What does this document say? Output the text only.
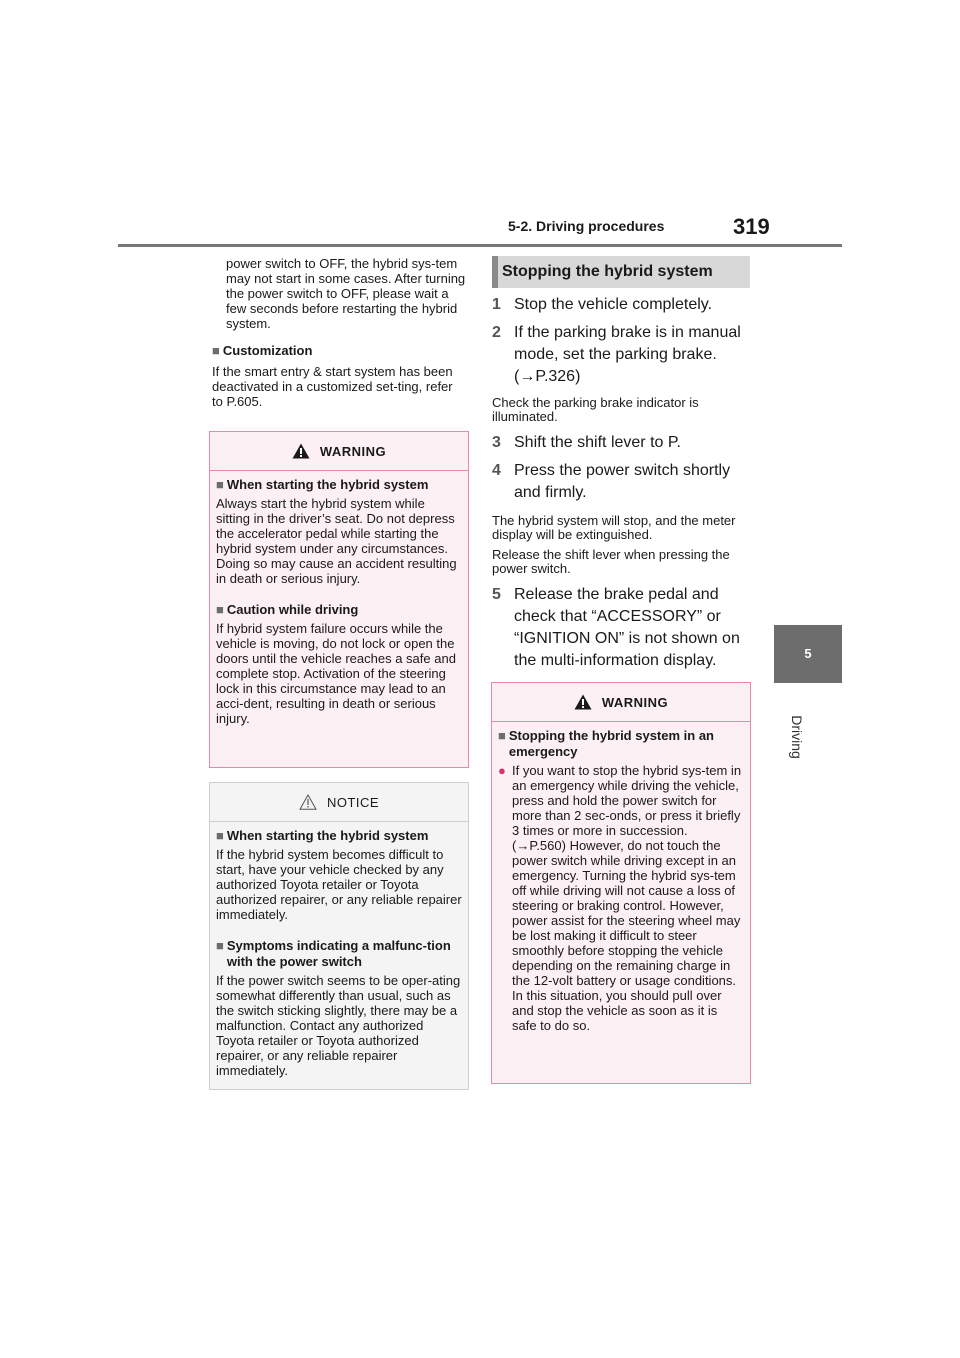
5-2. Driving procedures	319
5
Driving

power switch to OFF, the hybrid sys-tem may not start in some cases. After turning the power switch to OFF, please wait a few seconds before restarting the hybrid system.

■ Customization

If the smart entry & start system has been deactivated in a customized set-ting, refer to P.605.

WARNING

■ When starting the hybrid system

Always start the hybrid system while sitting in the driver’s seat. Do not depress the accelerator pedal while starting the hybrid system under any circumstances. Doing so may cause an accident resulting in death or serious injury.

■ Caution while driving

If hybrid system failure occurs while the vehicle is moving, do not lock or open the doors until the vehicle reaches a safe and complete stop. Activation of the steering lock in this circumstance may lead to an acci-dent, resulting in death or serious injury.

NOTICE

■ When starting the hybrid system

If the hybrid system becomes difficult to start, have your vehicle checked by any authorized Toyota retailer or Toyota authorized repairer, or any reliable repairer immediately.

■ Symptoms indicating a malfunc-tion with the power switch

If the power switch seems to be oper-ating somewhat differently than usual, such as the switch sticking slightly, there may be a malfunction. Contact any authorized Toyota retailer or Toyota authorized repairer, or any reliable repairer immediately.

Stopping the hybrid system
1 Stop the vehicle completely.
2 If the parking brake is in manual mode, set the parking brake. (→P.326)

Check the parking brake indicator is illuminated.

3 Shift the shift lever to P.
4 Press the power switch shortly and firmly.

The hybrid system will stop, and the meter display will be extinguished.

Release the shift lever when pressing the power switch.

5 Release the brake pedal and check that “ACCESSORY” or “IGNITION ON” is not shown on the multi-information display.
WARNING

■ Stopping the hybrid system in an emergency

● If you want to stop the hybrid sys-tem in an emergency while driving the vehicle, press and hold the power switch for more than 2 sec-onds, or press it briefly 3 times or more in succession. (→P.560) However, do not touch the power switch while driving except in an emergency. Turning the hybrid sys-tem off while driving will not cause a loss of steering or braking control. However, power assist for the steering wheel may be lost making it difficult to steer smoothly before stopping the vehicle depending on the remaining charge in the 12-volt battery or usage conditions. In this situation, you should pull over and stop the vehicle as soon as it is safe to do so.
